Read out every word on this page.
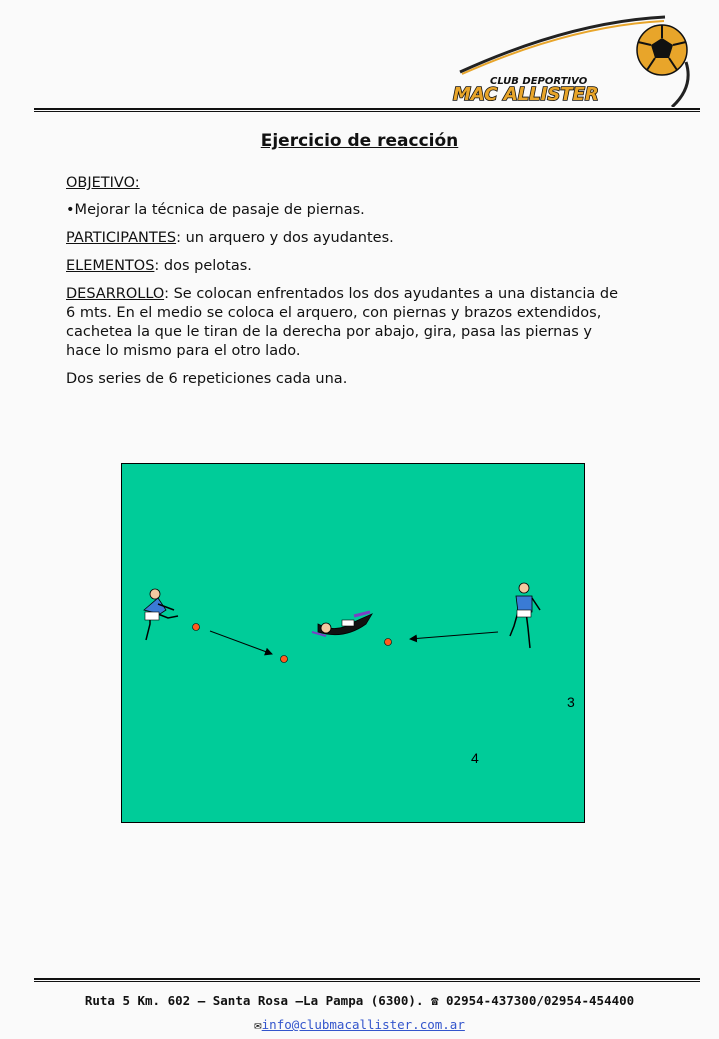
CLUB DEPORTIVO
MAC ALLISTER
Ejercicio de reacción

OBJETIVO:

•Mejorar la técnica de pasaje de piernas.

PARTICIPANTES: un arquero y dos ayudantes.

ELEMENTOS: dos pelotas.

DESARROLLO: Se colocan enfrentados los dos ayudantes a una distancia de 6 mts. En el medio se coloca el arquero, con piernas y brazos extendidos, cachetea la que le tiran de la derecha por abajo, gira, pasa las piernas y hace lo mismo para el otro lado.

Dos series de 6 repeticiones cada una.

3
4
Ruta 5 Km. 602 – Santa Rosa –La Pampa (6300). ☎ 02954-437300/02954-454400
✉info@clubmacallister.com.ar
